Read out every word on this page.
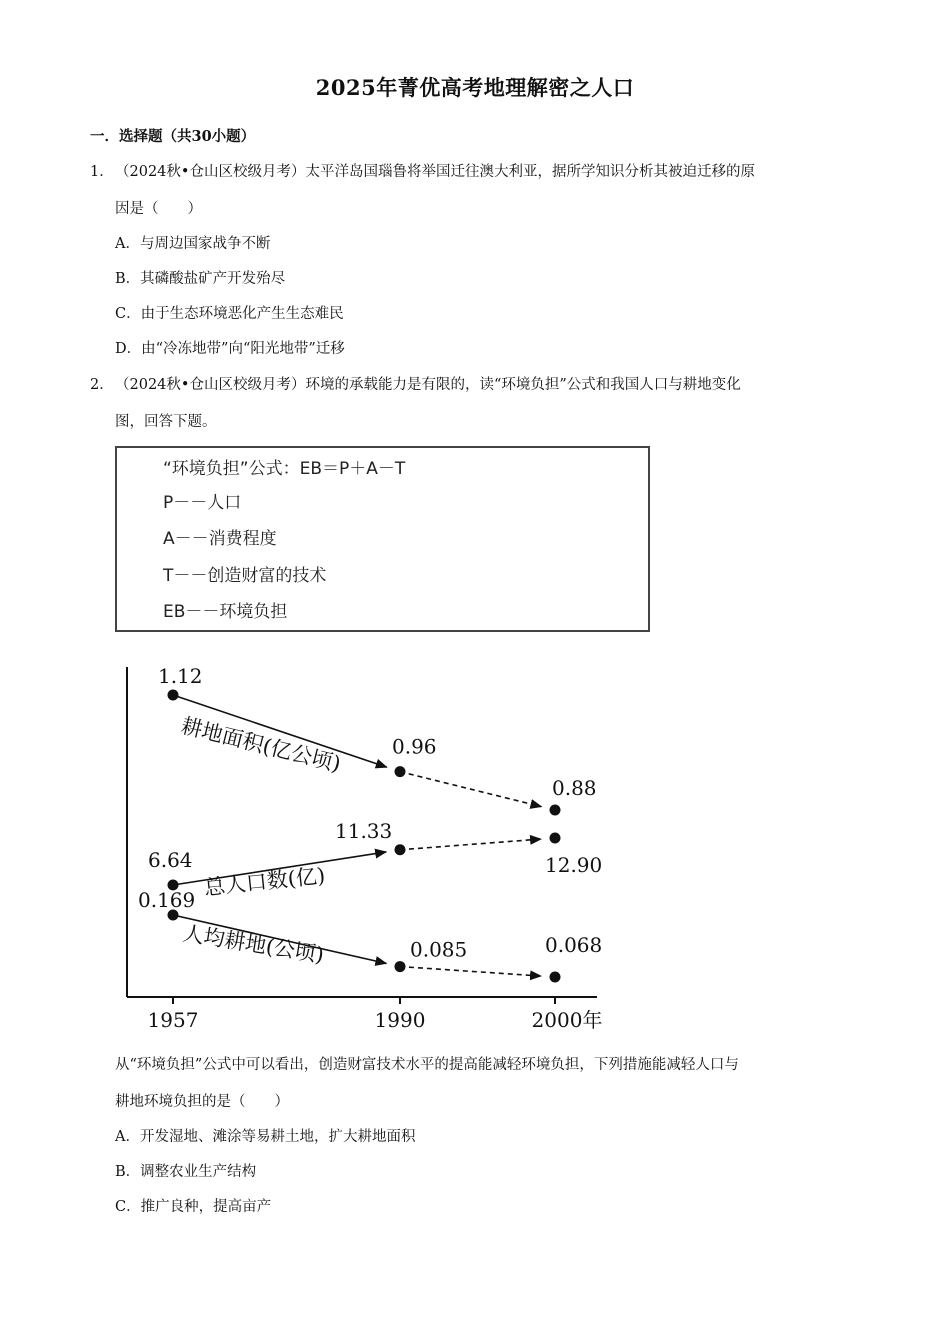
2025年菁优高考地理解密之人口
一．选择题（共30小题）
1． （2024秋•仓山区校级月考）太平洋岛国瑙鲁将举国迁往澳大利亚，据所学知识分析其被迫迁移的原
因是（　　）
A．与周边国家战争不断
B．其磷酸盐矿产开发殆尽
C．由于生态环境恶化产生生态难民
D．由“冷冻地带”向“阳光地带”迁移
2． （2024秋•仓山区校级月考）环境的承载能力是有限的，读“环境负担”公式和我国人口与耕地变化
图，回答下题。
“环境负担”公式：EB＝P＋A－T
P－－人口
A－－消费程度
T－－创造财富的技术
EB－－环境负担
1957	1990	2000年
1.12
0.96
0.88
耕地面积(亿公顷)
6.64
11.33
12.90
总人口数(亿)
0.169
0.085	0.068
人均耕地(公顷)
从“环境负担”公式中可以看出，创造财富技术水平的提高能减轻环境负担，下列措施能减轻人口与
耕地环境负担的是（　　）
A．开发湿地、滩涂等易耕土地，扩大耕地面积
B．调整农业生产结构
C．推广良种，提高亩产
